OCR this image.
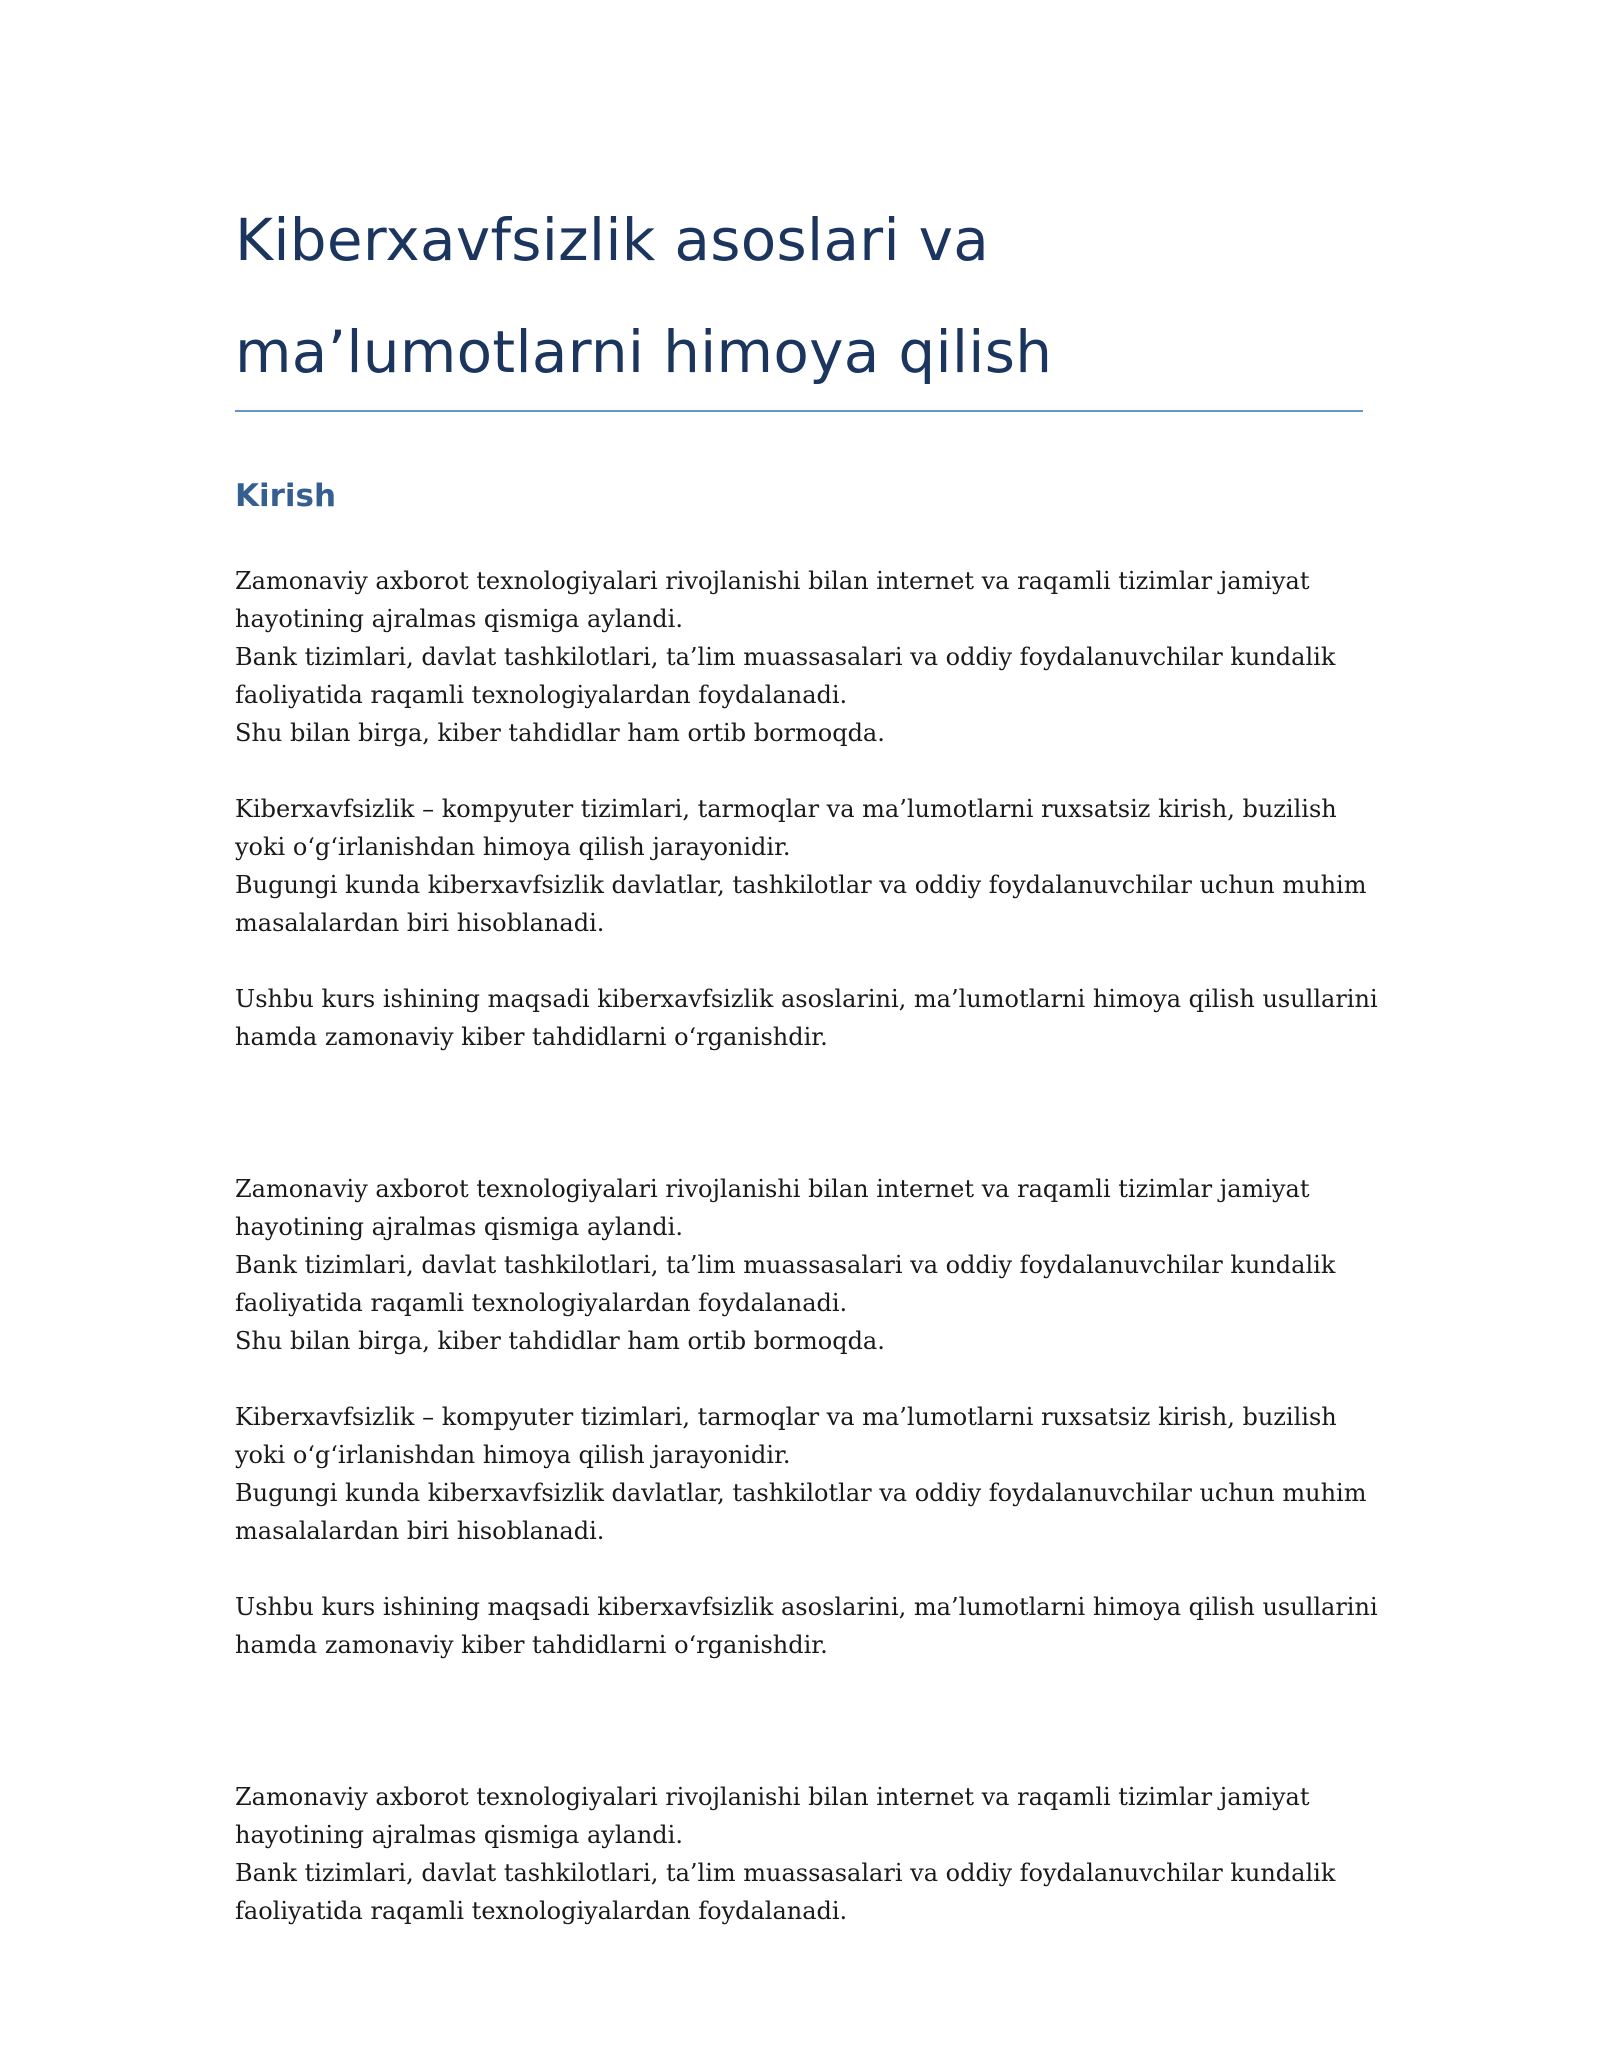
Kiberxavfsizlik asoslari va ma’lumotlarni himoya qilish
Kirish

Zamonaviy axborot texnologiyalari rivojlanishi bilan internet va raqamli tizimlar jamiyat
hayotining ajralmas qismiga aylandi.
Bank tizimlari, davlat tashkilotlari, ta’lim muassasalari va oddiy foydalanuvchilar kundalik
faoliyatida raqamli texnologiyalardan foydalanadi.
Shu bilan birga, kiber tahdidlar ham ortib bormoqda.

Kiberxavfsizlik – kompyuter tizimlari, tarmoqlar va ma’lumotlarni ruxsatsiz kirish, buzilish
yoki o‘g‘irlanishdan himoya qilish jarayonidir.
Bugungi kunda kiberxavfsizlik davlatlar, tashkilotlar va oddiy foydalanuvchilar uchun muhim
masalalardan biri hisoblanadi.

Ushbu kurs ishining maqsadi kiberxavfsizlik asoslarini, ma’lumotlarni himoya qilish usullarini
hamda zamonaviy kiber tahdidlarni o‘rganishdir.

Zamonaviy axborot texnologiyalari rivojlanishi bilan internet va raqamli tizimlar jamiyat
hayotining ajralmas qismiga aylandi.
Bank tizimlari, davlat tashkilotlari, ta’lim muassasalari va oddiy foydalanuvchilar kundalik
faoliyatida raqamli texnologiyalardan foydalanadi.
Shu bilan birga, kiber tahdidlar ham ortib bormoqda.

Kiberxavfsizlik – kompyuter tizimlari, tarmoqlar va ma’lumotlarni ruxsatsiz kirish, buzilish
yoki o‘g‘irlanishdan himoya qilish jarayonidir.
Bugungi kunda kiberxavfsizlik davlatlar, tashkilotlar va oddiy foydalanuvchilar uchun muhim
masalalardan biri hisoblanadi.

Ushbu kurs ishining maqsadi kiberxavfsizlik asoslarini, ma’lumotlarni himoya qilish usullarini
hamda zamonaviy kiber tahdidlarni o‘rganishdir.

Zamonaviy axborot texnologiyalari rivojlanishi bilan internet va raqamli tizimlar jamiyat
hayotining ajralmas qismiga aylandi.
Bank tizimlari, davlat tashkilotlari, ta’lim muassasalari va oddiy foydalanuvchilar kundalik
faoliyatida raqamli texnologiyalardan foydalanadi.
